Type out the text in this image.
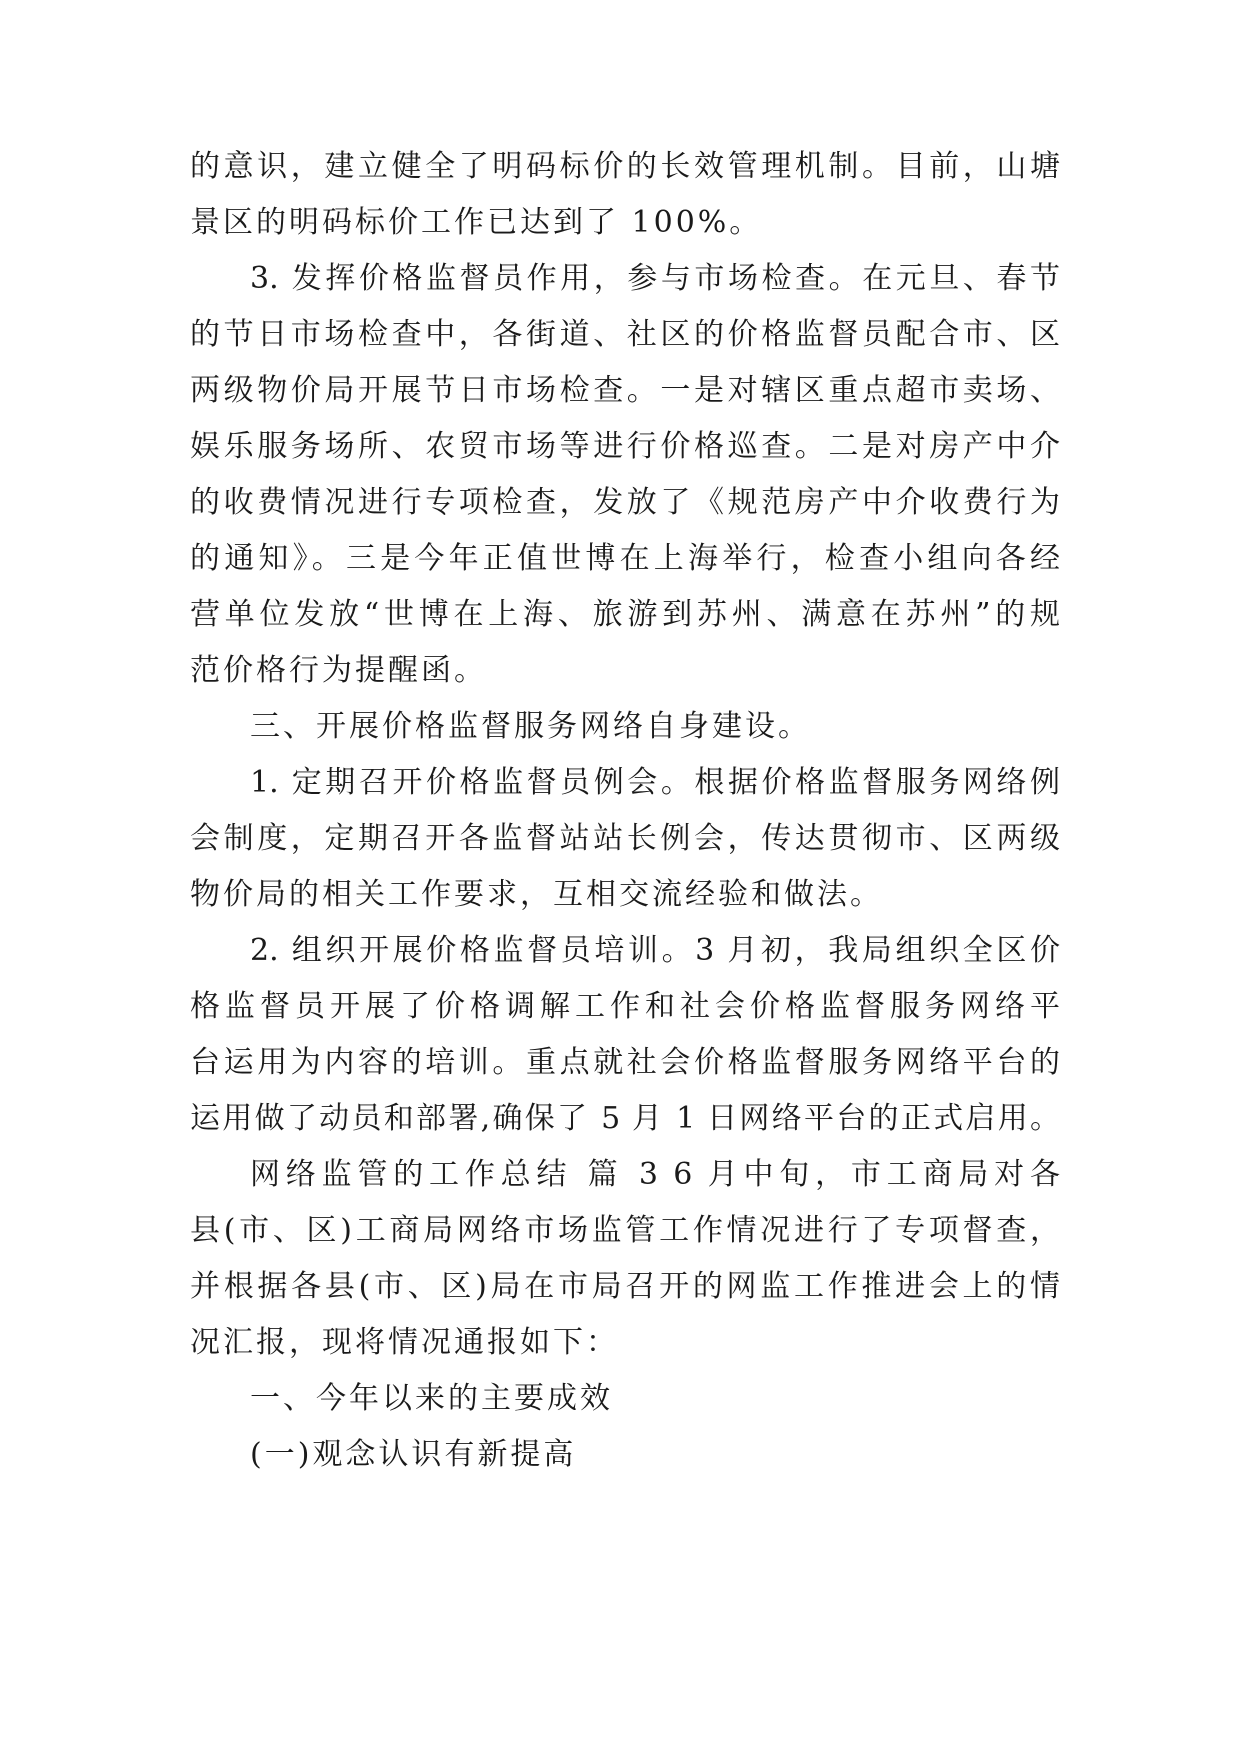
的意识，建立健全了明码标价的长效管理机制。目前，山塘
景区的明码标价工作已达到了 100%。
3. 发挥价格监督员作用，参与市场检查。在元旦、春节
的节日市场检查中，各街道、社区的价格监督员配合市、区
两级物价局开展节日市场检查。一是对辖区重点超市卖场、
娱乐服务场所、农贸市场等进行价格巡查。二是对房产中介
的收费情况进行专项检查，发放了《规范房产中介收费行为
的通知》。三是今年正值世博在上海举行，检查小组向各经
营单位发放“世博在上海、旅游到苏州、满意在苏州”的规
范价格行为提醒函。
三、开展价格监督服务网络自身建设。
1. 定期召开价格监督员例会。根据价格监督服务网络例
会制度，定期召开各监督站站长例会，传达贯彻市、区两级
物价局的相关工作要求，互相交流经验和做法。
2. 组织开展价格监督员培训。3 月初，我局组织全区价
格监督员开展了价格调解工作和社会价格监督服务网络平
台运用为内容的培训。重点就社会价格监督服务网络平台的
运用做了动员和部署,确保了 5 月 1 日网络平台的正式启用。
网络监管的工作总结 篇 3 6 月中旬，市工商局对各
县(市、区)工商局网络市场监管工作情况进行了专项督查，
并根据各县(市、区)局在市局召开的网监工作推进会上的情
况汇报，现将情况通报如下：
一、今年以来的主要成效
(一)观念认识有新提高
